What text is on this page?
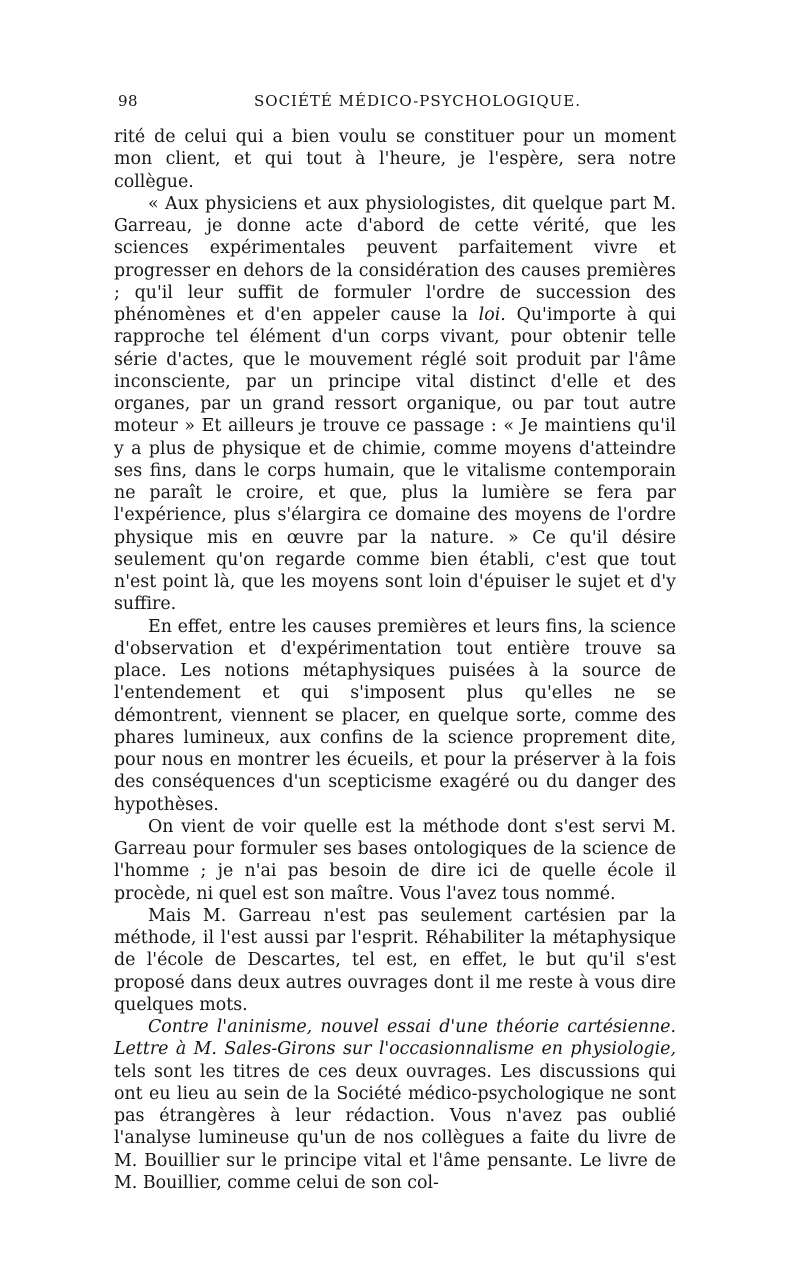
98	SOCIÉTÉ MÉDICO-PSYCHOLOGIQUE.

rité de celui qui a bien voulu se constituer pour un moment mon client, et qui tout à l'heure, je l'espère, sera notre collègue.

« Aux physiciens et aux physiologistes, dit quelque part M. Garreau, je donne acte d'abord de cette vérité, que les sciences expérimentales peuvent parfaitement vivre et progresser en dehors de la considération des causes premières ; qu'il leur suffit de formuler l'ordre de succession des phénomènes et d'en appeler cause la loi. Qu'importe à qui rapproche tel élément d'un corps vivant, pour obtenir telle série d'actes, que le mouvement réglé soit produit par l'âme inconsciente, par un principe vital distinct d'elle et des organes, par un grand ressort organique, ou par tout autre moteur » Et ailleurs je trouve ce passage : « Je maintiens qu'il y a plus de physique et de chimie, comme moyens d'atteindre ses fins, dans le corps humain, que le vitalisme contemporain ne paraît le croire, et que, plus la lumière se fera par l'expérience, plus s'élargira ce domaine des moyens de l'ordre physique mis en œuvre par la nature. » Ce qu'il désire seulement qu'on regarde comme bien établi, c'est que tout n'est point là, que les moyens sont loin d'épuiser le sujet et d'y suffire.

En effet, entre les causes premières et leurs fins, la science d'observation et d'expérimentation tout entière trouve sa place. Les notions métaphysiques puisées à la source de l'entendement et qui s'imposent plus qu'elles ne se démontrent, viennent se placer, en quelque sorte, comme des phares lumineux, aux confins de la science proprement dite, pour nous en montrer les écueils, et pour la préserver à la fois des conséquences d'un scepticisme exagéré ou du danger des hypothèses.

On vient de voir quelle est la méthode dont s'est servi M. Garreau pour formuler ses bases ontologiques de la science de l'homme ; je n'ai pas besoin de dire ici de quelle école il procède, ni quel est son maître. Vous l'avez tous nommé.

Mais M. Garreau n'est pas seulement cartésien par la méthode, il l'est aussi par l'esprit. Réhabiliter la métaphysique de l'école de Descartes, tel est, en effet, le but qu'il s'est proposé dans deux autres ouvrages dont il me reste à vous dire quelques mots.

Contre l'aninisme, nouvel essai d'une théorie cartésienne. Lettre à M. Sales-Girons sur l'occasionnalisme en physiologie, tels sont les titres de ces deux ouvrages. Les discussions qui ont eu lieu au sein de la Société médico-psychologique ne sont pas étrangères à leur rédaction. Vous n'avez pas oublié l'analyse lumineuse qu'un de nos collègues a faite du livre de M. Bouillier sur le principe vital et l'âme pensante. Le livre de M. Bouillier, comme celui de son col-
